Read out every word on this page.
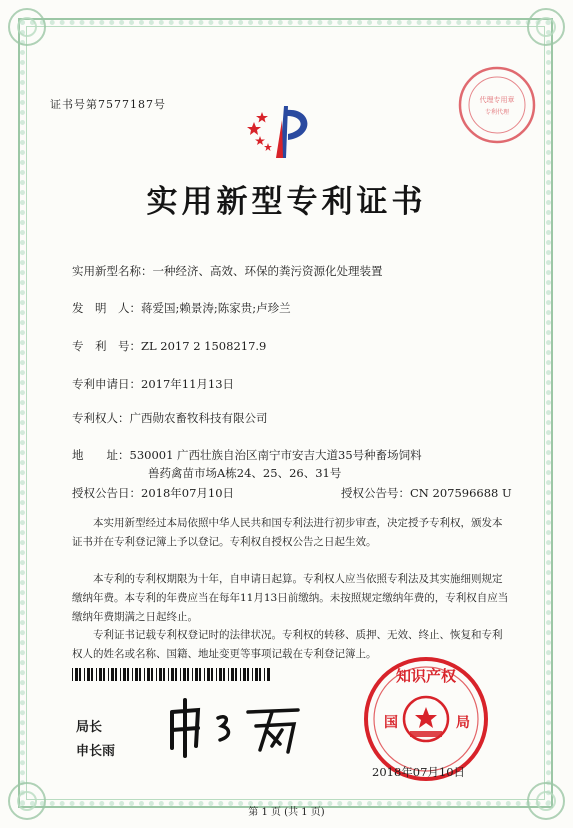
证书号第7577187号	代理专用章
专利代理
实用新型专利证书
实用新型名称：一种经济、高效、环保的粪污资源化处理装置
发　明　人：蒋爱国;赖景涛;陈家贵;卢珍兰
专　利　号：ZL 2017 2 1508217.9
专利申请日：2017年11月13日
专利权人：广西勋农畜牧科技有限公司
地　　址：530001 广西壮族自治区南宁市安吉大道35号种畜场饲料
兽药禽苗市场A栋24、25、26、31号
授权公告日：2018年07月10日	授权公告号：CN 207596688 U

本实用新型经过本局依照中华人民共和国专利法进行初步审查，决定授予专利权，颁发本证书并在专利登记簿上予以登记。专利权自授权公告之日起生效。

本专利的专利权期限为十年，自申请日起算。专利权人应当依照专利法及其实施细则规定缴纳年费。本专利的年费应当在每年11月13日前缴纳。未按照规定缴纳年费的，专利权自应当缴纳年费期满之日起终止。

专利证书记载专利权登记时的法律状况。专利权的转移、质押、无效、终止、恢复和专利权人的姓名或名称、国籍、地址变更等事项记载在专利登记簿上。

局长
申长雨
知识产权
国	局
2018年07月10日
第 1 页 (共 1 页)
